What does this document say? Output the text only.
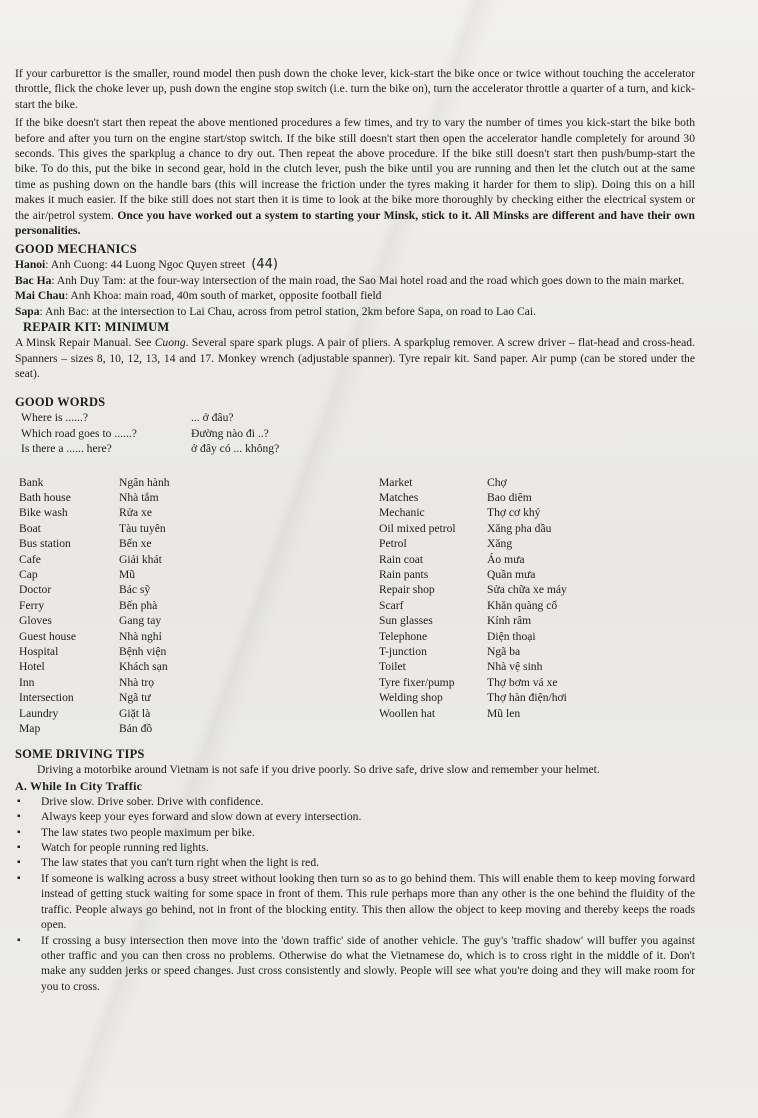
If your carburettor is the smaller, round model then push down the choke lever, kick-start the bike once or twice without touching the accelerator throttle, flick the choke lever up, push down the engine stop switch (i.e. turn the bike on), turn the accelerator throttle a quarter of a turn, and kick-start the bike.

If the bike doesn't start then repeat the above mentioned procedures a few times, and try to vary the number of times you kick-start the bike both before and after you turn on the engine start/stop switch. If the bike still doesn't start then open the accelerator handle completely for around 30 seconds. This gives the sparkplug a chance to dry out. Then repeat the above procedure. If the bike still doesn't start then push/bump-start the bike. To do this, put the bike in second gear, hold in the clutch lever, push the bike until you are running and then let the clutch out at the same time as pushing down on the handle bars (this will increase the friction under the tyres making it harder for them to slip). Doing this on a hill makes it much easier. If the bike still does not start then it is time to look at the bike more thoroughly by checking either the electrical system or the air/petrol system. Once you have worked out a system to starting your Minsk, stick to it. All Minsks are different and have their own personalities.

GOOD MECHANICS

Hanoi: Anh Cuong: 44 Luong Ngoc Quyen street (44)

Bac Ha: Anh Duy Tam: at the four-way intersection of the main road, the Sao Mai hotel road and the road which goes down to the main market.

Mai Chau: Anh Khoa: main road, 40m south of market, opposite football field

Sapa: Anh Bac: at the intersection to Lai Chau, across from petrol station, 2km before Sapa, on road to Lao Cai.

REPAIR KIT: MINIMUM

A Minsk Repair Manual. See Cuong. Several spare spark plugs. A pair of pliers. A sparkplug remover. A screw driver – flat-head and cross-head. Spanners – sizes 8, 10, 12, 13, 14 and 17. Monkey wrench (adjustable spanner). Tyre repair kit. Sand paper. Air pump (can be stored under the seat).

GOOD WORDS
Where is ......?	... ở đâu?
Which road goes to ......?	Đường nào đi ..?
Is there a ...... here?	ở đây có ... không?
Bank	Ngân hành	Market	Chợ
Bath house	Nhà tắm	Matches	Bao diêm
Bike wash	Rửa xe	Mechanic	Thợ cơ khý
Boat	Tàu tuyên	Oil mixed petrol	Xăng pha dầu
Bus station	Bến xe	Petrol	Xăng
Cafe	Giải khát	Rain coat	Áo mưa
Cap	Mũ	Rain pants	Quần mưa
Doctor	Bác sỹ	Repair shop	Sửa chữa xe máy
Ferry	Bến phà	Scarf	Khăn quàng cổ
Gloves	Gang tay	Sun glasses	Kính râm
Guest house	Nhà nghỉ	Telephone	Diện thoại
Hospital	Bệnh viện	T-junction	Ngã ba
Hotel	Khách sạn	Toilet	Nhà vệ sinh
Inn	Nhà trọ	Tyre fixer/pump	Thợ bơm vá xe
Intersection	Ngã tư	Welding shop	Thợ hàn điện/hơi
Laundry	Giặt là	Woollen hat	Mũ len
Map	Bản đồ
SOME DRIVING TIPS

Driving a motorbike around Vietnam is not safe if you drive poorly. So drive safe, drive slow and remember your helmet.

A. While In City Traffic
▪ Drive slow. Drive sober. Drive with confidence.
▪ Always keep your eyes forward and slow down at every intersection.
▪ The law states two people maximum per bike.
▪ Watch for people running red lights.
▪ The law states that you can't turn right when the light is red.
▪ If someone is walking across a busy street without looking then turn so as to go behind them. This will enable them to keep moving forward instead of getting stuck waiting for some space in front of them. This rule perhaps more than any other is the one behind the fluidity of the traffic. People always go behind, not in front of the blocking entity. This then allow the object to keep moving and thereby keeps the roads open.
▪ If crossing a busy intersection then move into the 'down traffic' side of another vehicle. The guy's 'traffic shadow' will buffer you against other traffic and you can then cross no problems. Otherwise do what the Vietnamese do, which is to cross right in the middle of it. Don't make any sudden jerks or speed changes. Just cross consistently and slowly. People will see what you're doing and they will make room for you to cross.
